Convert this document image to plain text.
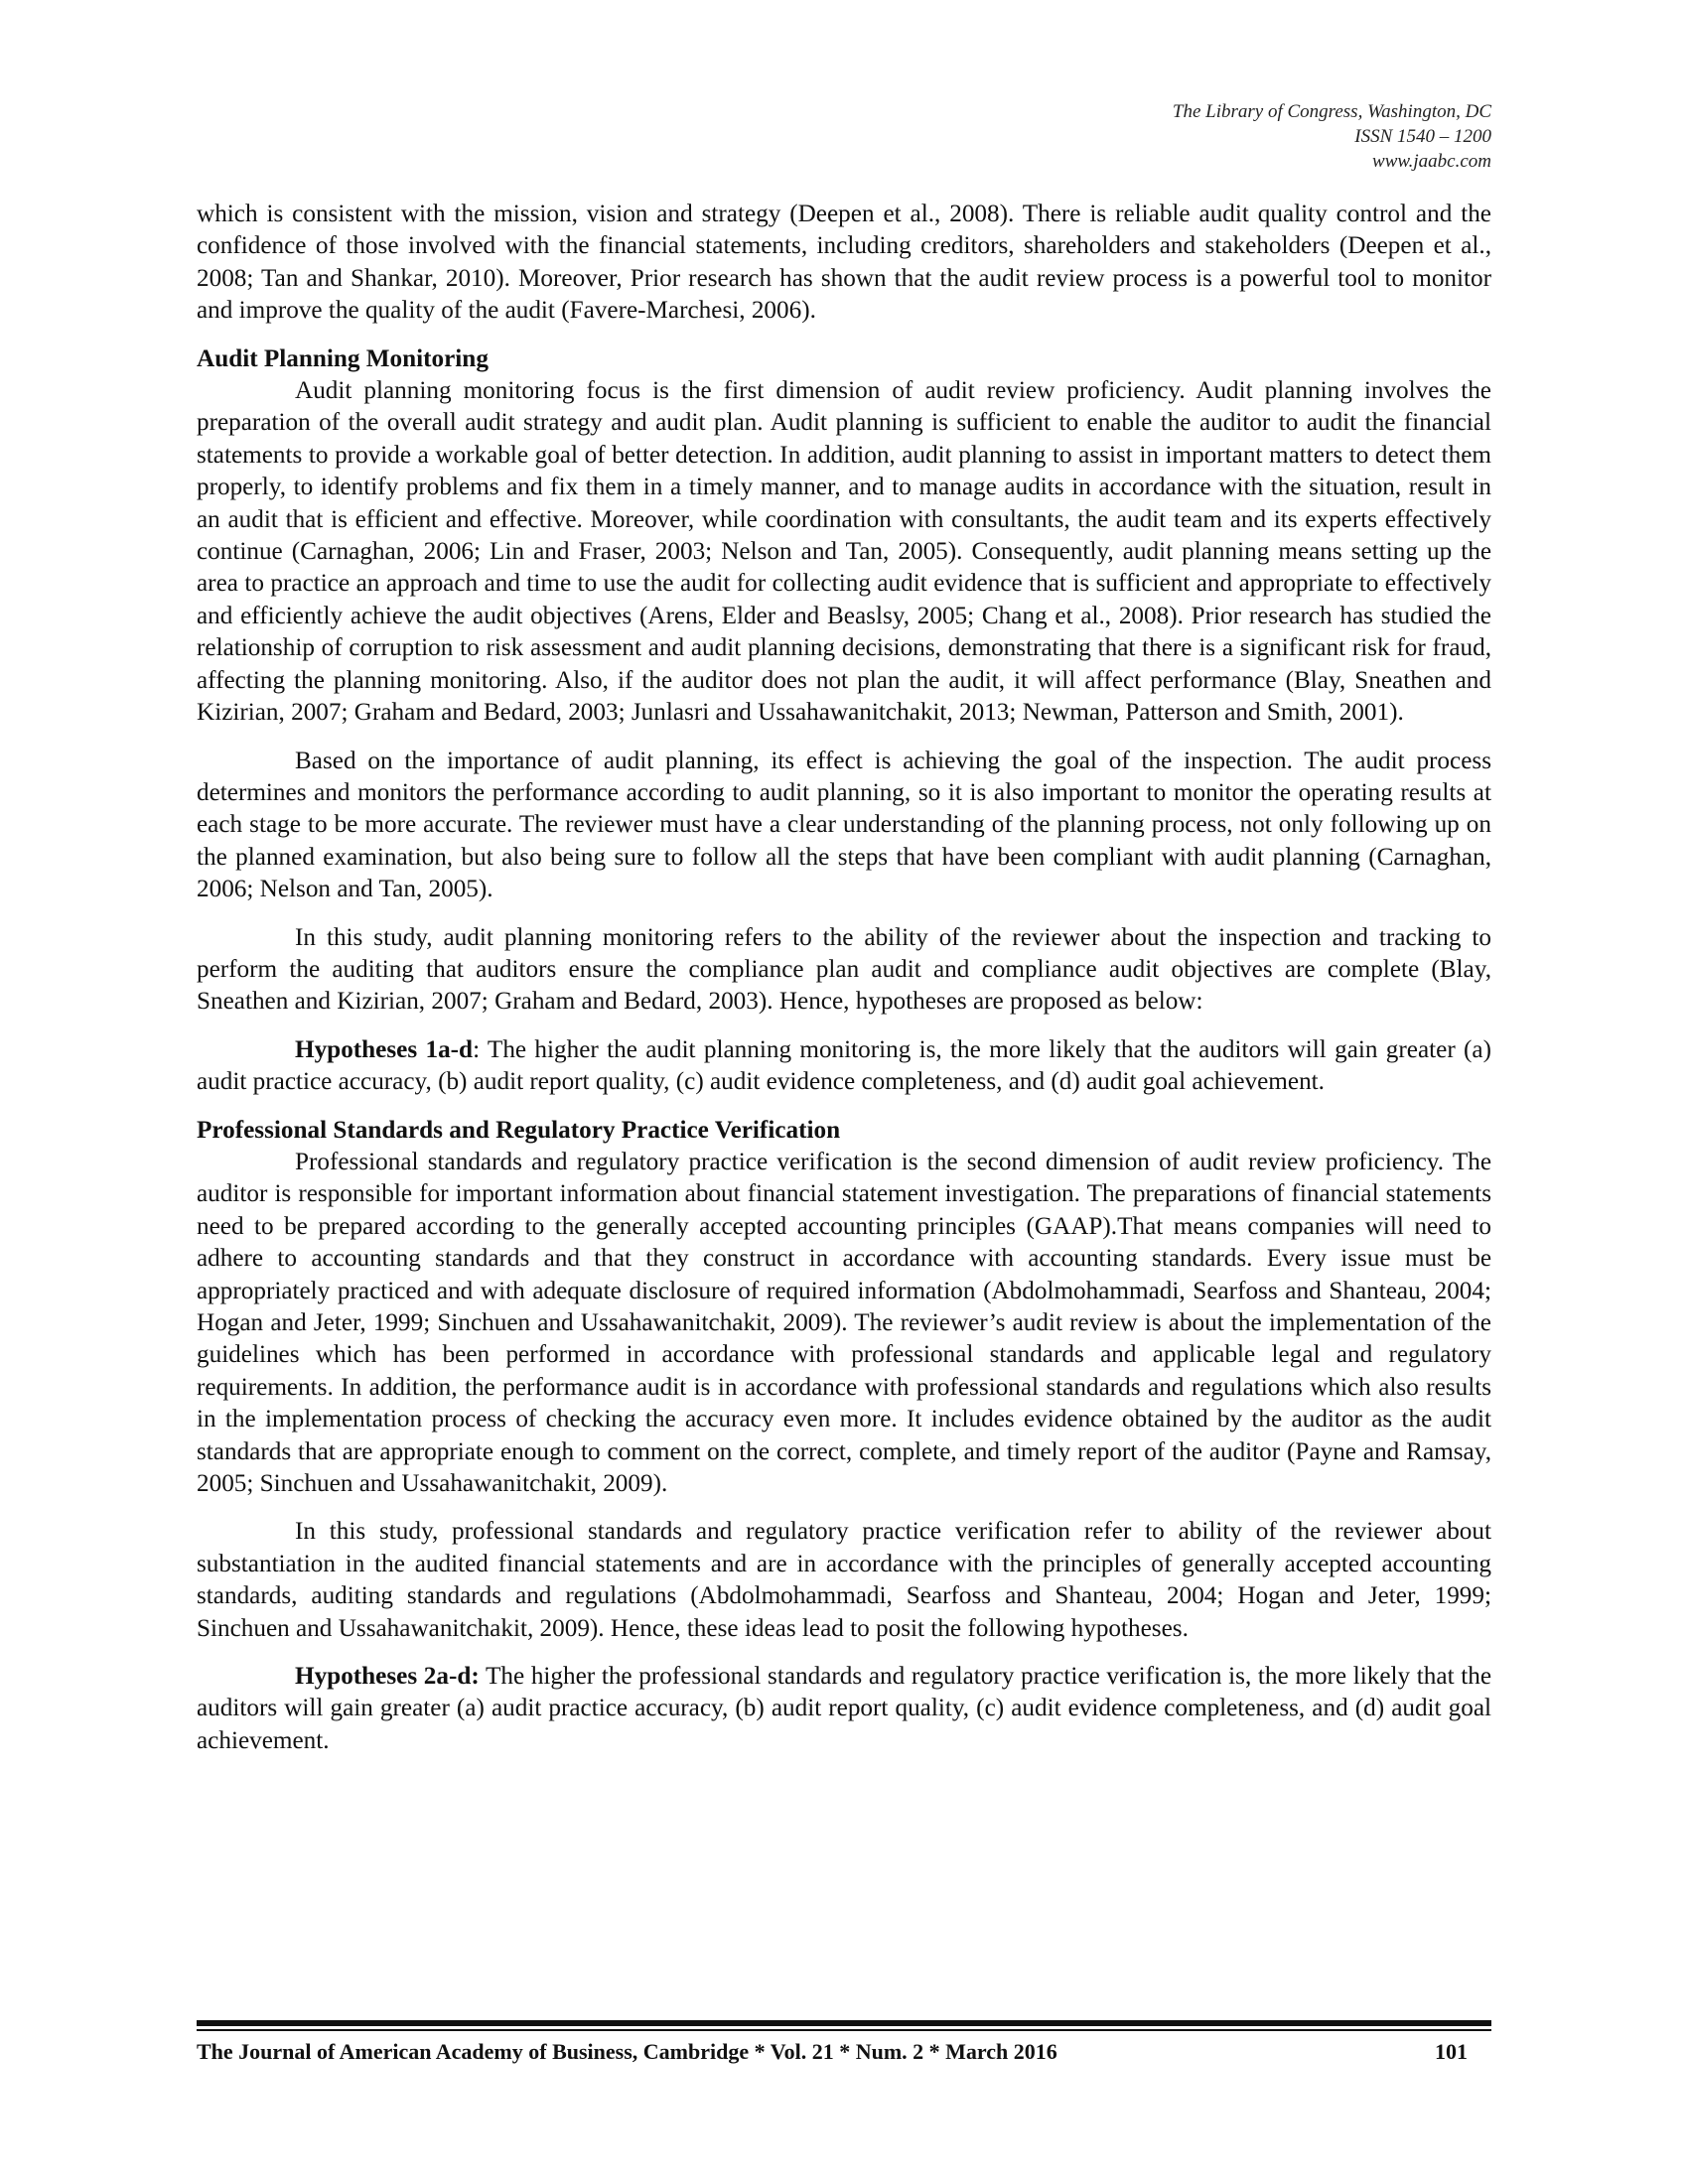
The Library of Congress, Washington, DC
ISSN 1540 – 1200
www.jaabc.com

which is consistent with the mission, vision and strategy (Deepen et al., 2008). There is reliable audit quality control and the confidence of those involved with the financial statements, including creditors, shareholders and stakeholders (Deepen et al., 2008; Tan and Shankar, 2010). Moreover, Prior research has shown that the audit review process is a powerful tool to monitor and improve the quality of the audit (Favere-Marchesi, 2006).

Audit Planning Monitoring

Audit planning monitoring focus is the first dimension of audit review proficiency. Audit planning involves the preparation of the overall audit strategy and audit plan. Audit planning is sufficient to enable the auditor to audit the financial statements to provide a workable goal of better detection. In addition, audit planning to assist in important matters to detect them properly, to identify problems and fix them in a timely manner, and to manage audits in accordance with the situation, result in an audit that is efficient and effective. Moreover, while coordination with consultants, the audit team and its experts effectively continue (Carnaghan, 2006; Lin and Fraser, 2003; Nelson and Tan, 2005). Consequently, audit planning means setting up the area to practice an approach and time to use the audit for collecting audit evidence that is sufficient and appropriate to effectively and efficiently achieve the audit objectives (Arens, Elder and Beaslsy, 2005; Chang et al., 2008). Prior research has studied the relationship of corruption to risk assessment and audit planning decisions, demonstrating that there is a significant risk for fraud, affecting the planning monitoring. Also, if the auditor does not plan the audit, it will affect performance (Blay, Sneathen and Kizirian, 2007; Graham and Bedard, 2003; Junlasri and Ussahawanitchakit, 2013; Newman, Patterson and Smith, 2001).

Based on the importance of audit planning, its effect is achieving the goal of the inspection. The audit process determines and monitors the performance according to audit planning, so it is also important to monitor the operating results at each stage to be more accurate. The reviewer must have a clear understanding of the planning process, not only following up on the planned examination, but also being sure to follow all the steps that have been compliant with audit planning (Carnaghan, 2006; Nelson and Tan, 2005).

In this study, audit planning monitoring refers to the ability of the reviewer about the inspection and tracking to perform the auditing that auditors ensure the compliance plan audit and compliance audit objectives are complete (Blay, Sneathen and Kizirian, 2007; Graham and Bedard, 2003). Hence, hypotheses are proposed as below:

Hypotheses 1a-d: The higher the audit planning monitoring is, the more likely that the auditors will gain greater (a) audit practice accuracy, (b) audit report quality, (c) audit evidence completeness, and (d) audit goal achievement.

Professional Standards and Regulatory Practice Verification

Professional standards and regulatory practice verification is the second dimension of audit review proficiency. The auditor is responsible for important information about financial statement investigation. The preparations of financial statements need to be prepared according to the generally accepted accounting principles (GAAP).That means companies will need to adhere to accounting standards and that they construct in accordance with accounting standards. Every issue must be appropriately practiced and with adequate disclosure of required information (Abdolmohammadi, Searfoss and Shanteau, 2004; Hogan and Jeter, 1999; Sinchuen and Ussahawanitchakit, 2009). The reviewer’s audit review is about the implementation of the guidelines which has been performed in accordance with professional standards and applicable legal and regulatory requirements. In addition, the performance audit is in accordance with professional standards and regulations which also results in the implementation process of checking the accuracy even more. It includes evidence obtained by the auditor as the audit standards that are appropriate enough to comment on the correct, complete, and timely report of the auditor (Payne and Ramsay, 2005; Sinchuen and Ussahawanitchakit, 2009).

In this study, professional standards and regulatory practice verification refer to ability of the reviewer about substantiation in the audited financial statements and are in accordance with the principles of generally accepted accounting standards, auditing standards and regulations (Abdolmohammadi, Searfoss and Shanteau, 2004; Hogan and Jeter, 1999; Sinchuen and Ussahawanitchakit, 2009). Hence, these ideas lead to posit the following hypotheses.

Hypotheses 2a-d: The higher the professional standards and regulatory practice verification is, the more likely that the auditors will gain greater (a) audit practice accuracy, (b) audit report quality, (c) audit evidence completeness, and (d) audit goal achievement.

The Journal of American Academy of Business, Cambridge * Vol. 21 * Num. 2 * March 2016	101
